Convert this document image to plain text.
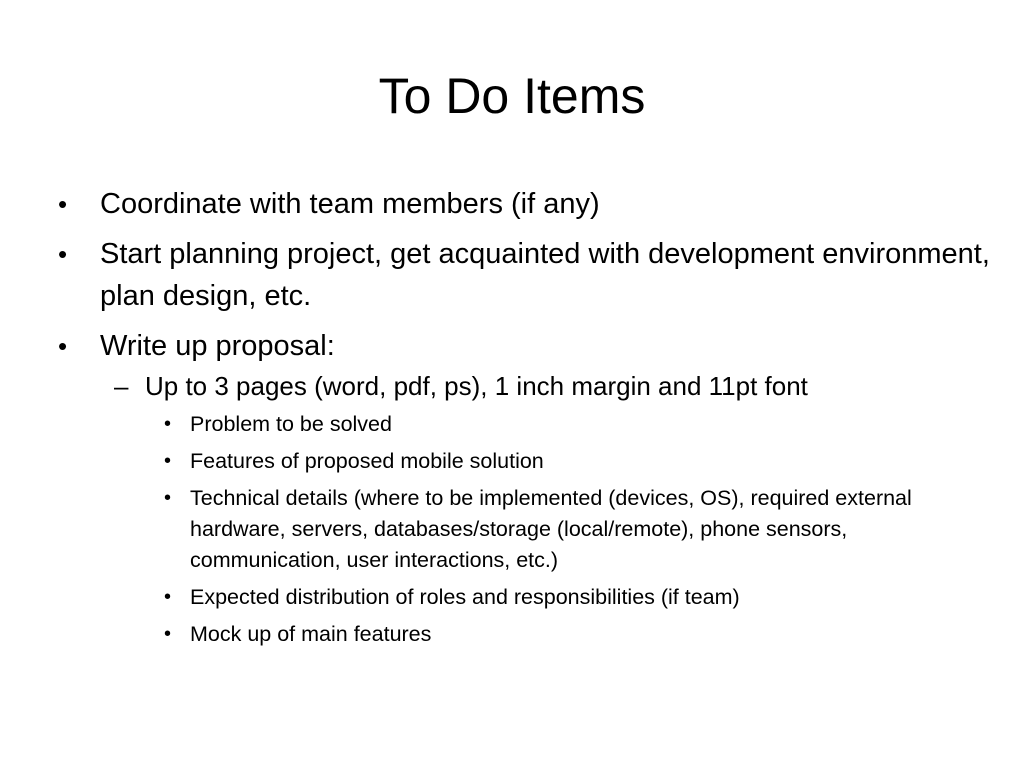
To Do Items
• Coordinate with team members (if any)
• Start planning project, get acquainted with development environment, plan design, etc.
• Write up proposal:
– Up to 3 pages (word, pdf, ps), 1 inch margin and 11pt font
• Problem to be solved
• Features of proposed mobile solution
• Technical details (where to be implemented (devices, OS), required external hardware, servers, databases/storage (local/remote), phone sensors, communication, user interactions, etc.)
• Expected distribution of roles and responsibilities (if team)
• Mock up of main features
